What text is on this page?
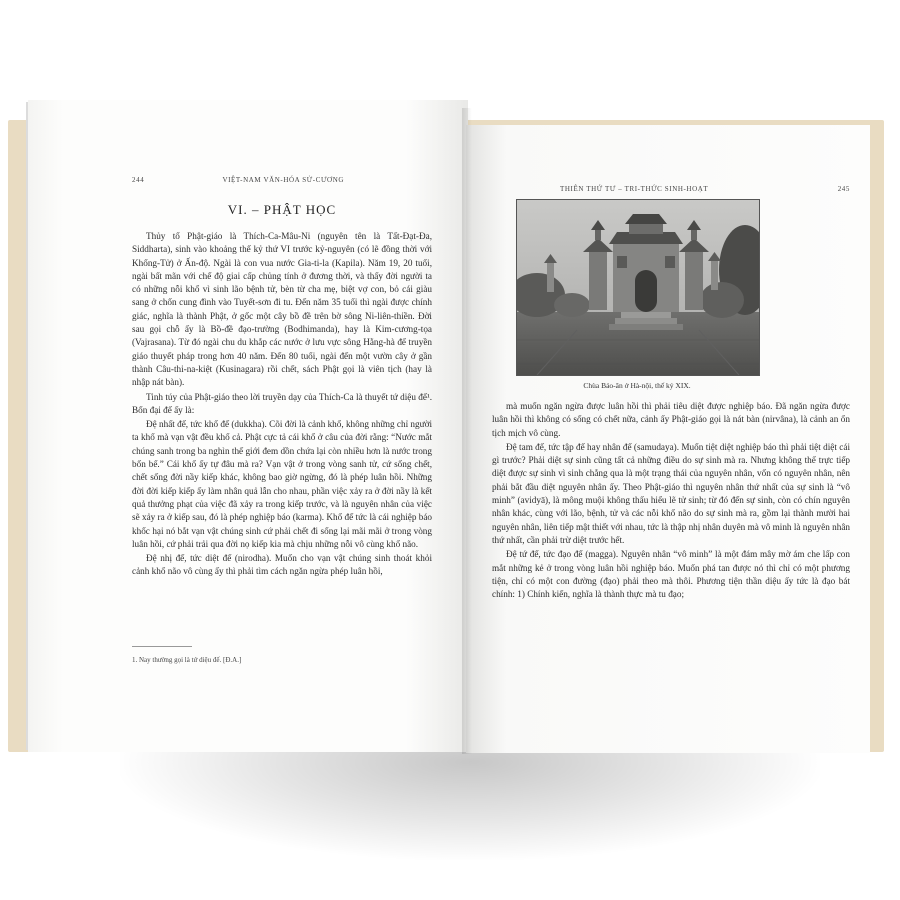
244	VIỆT-NAM VĂN-HÓA SỬ-CƯƠNG
VI. – PHẬT HỌC

Thủy tổ Phật-giáo là Thích-Ca-Mâu-Ni (nguyên tên là Tất-Đạt-Đa, Siddharta), sinh vào khoảng thế kỷ thứ VI trước kỷ-nguyên (có lẽ đồng thời với Khổng-Tử) ở Ấn-độ. Ngài là con vua nước Gia-ti-la (Kapila). Năm 19, 20 tuổi, ngài bất mãn với chế độ giai cấp chủng tính ở đương thời, và thấy đời người ta có những nỗi khổ vì sinh lão bệnh tử, bèn từ cha mẹ, biệt vợ con, bỏ cái giàu sang ở chốn cung đình vào Tuyết-sơn đi tu. Đến năm 35 tuổi thì ngài được chính giác, nghĩa là thành Phật, ở gốc một cây bồ đề trên bờ sông Ni-liên-thiền. Đời sau gọi chỗ ấy là Bồ-đề đạo-trường (Bodhimanda), hay là Kim-cương-tọa (Vajrasana). Từ đó ngài chu du khắp các nước ở lưu vực sông Hằng-hà để truyền giáo thuyết pháp trong hơn 40 năm. Đến 80 tuổi, ngài đến một vườn cây ở gần thành Câu-thi-na-kiệt (Kusinagara) rồi chết, sách Phật gọi là viên tịch (hay là nhập nát bàn).

Tinh túy của Phật-giáo theo lời truyền dạy của Thích-Ca là thuyết tứ diệu đế¹. Bốn đại đế ấy là:

Đệ nhất đế, tức khổ đế (dukkha). Cõi đời là cảnh khổ, không những chỉ người ta khổ mà vạn vật đều khổ cả. Phật cực tả cái khổ ở câu của đời rằng: “Nước mắt chúng sanh trong ba nghìn thế giới đem dồn chứa lại còn nhiều hơn là nước trong bốn bể.” Cái khổ ấy tự đâu mà ra? Vạn vật ở trong vòng sanh tử, cứ sống chết, chết sống đời nầy kiếp khác, không bao giờ ngừng, đó là phép luân hồi. Những đời đời kiếp kiếp ấy làm nhân quả lẫn cho nhau, phần việc xảy ra ở đời nầy là kết quả thưởng phạt của việc đã xảy ra trong kiếp trước, và là nguyên nhân của việc sẽ xảy ra ở kiếp sau, đó là phép nghiệp báo (karma). Khổ đế tức là cái nghiệp báo khốc hại nó bắt vạn vật chúng sinh cứ phải chết đi sống lại mãi mãi ở trong vòng luân hồi, cứ phải trải qua đời nọ kiếp kia mà chịu những nỗi vô cùng khổ não.

Đệ nhị đế, tức diệt đế (nirodha). Muốn cho vạn vật chúng sinh thoát khỏi cảnh khổ não vô cùng ấy thì phải tìm cách ngăn ngừa phép luân hồi,

1. Nay thường gọi là tứ diệu đế. [Đ.A.]
THIÊN THỨ TƯ – TRI-THỨC SINH-HOẠT	245
Chùa Báo-ân ở Hà-nội, thế kỷ XIX.

mà muốn ngăn ngừa được luân hồi thì phải tiêu diệt được nghiệp báo. Đã ngăn ngừa được luân hồi thì không có sống có chết nữa, cảnh ấy Phật-giáo gọi là nát bàn (nirvâna), là cảnh an ổn tịch mịch vô cùng.

Đệ tam đế, tức tập đế hay nhân đế (samudaya). Muốn tiệt diệt nghiệp báo thì phải tiệt diệt cái gì trước? Phải diệt sự sinh cũng tất cả những điều do sự sinh mà ra. Nhưng không thể trực tiếp diệt được sự sinh vì sinh chẳng qua là một trạng thái của nguyên nhân, vốn có nguyên nhân, nên phải bắt đầu diệt nguyên nhân ấy. Theo Phật-giáo thì nguyên nhân thứ nhất của sự sinh là “vô minh” (avidyā), là mông muội không thấu hiểu lẽ tử sinh; từ đó đến sự sinh, còn có chín nguyên nhân khác, cùng với lão, bệnh, tử và các nỗi khổ não do sự sinh mà ra, gồm lại thành mười hai nguyên nhân, liên tiếp mật thiết với nhau, tức là thập nhị nhân duyên mà vô minh là nguyên nhân thứ nhất, cần phải trừ diệt trước hết.

Đệ tứ đế, tức đạo đế (magga). Nguyên nhân “vô minh” là một đám mây mờ ám che lấp con mắt những kẻ ở trong vòng luân hồi nghiệp báo. Muốn phá tan được nó thì chỉ có một phương tiện, chỉ có một con đường (đạo) phải theo mà thôi. Phương tiện thần diệu ấy tức là đạo bát chính: 1) Chính kiến, nghĩa là thành thực mà tu đạo;
